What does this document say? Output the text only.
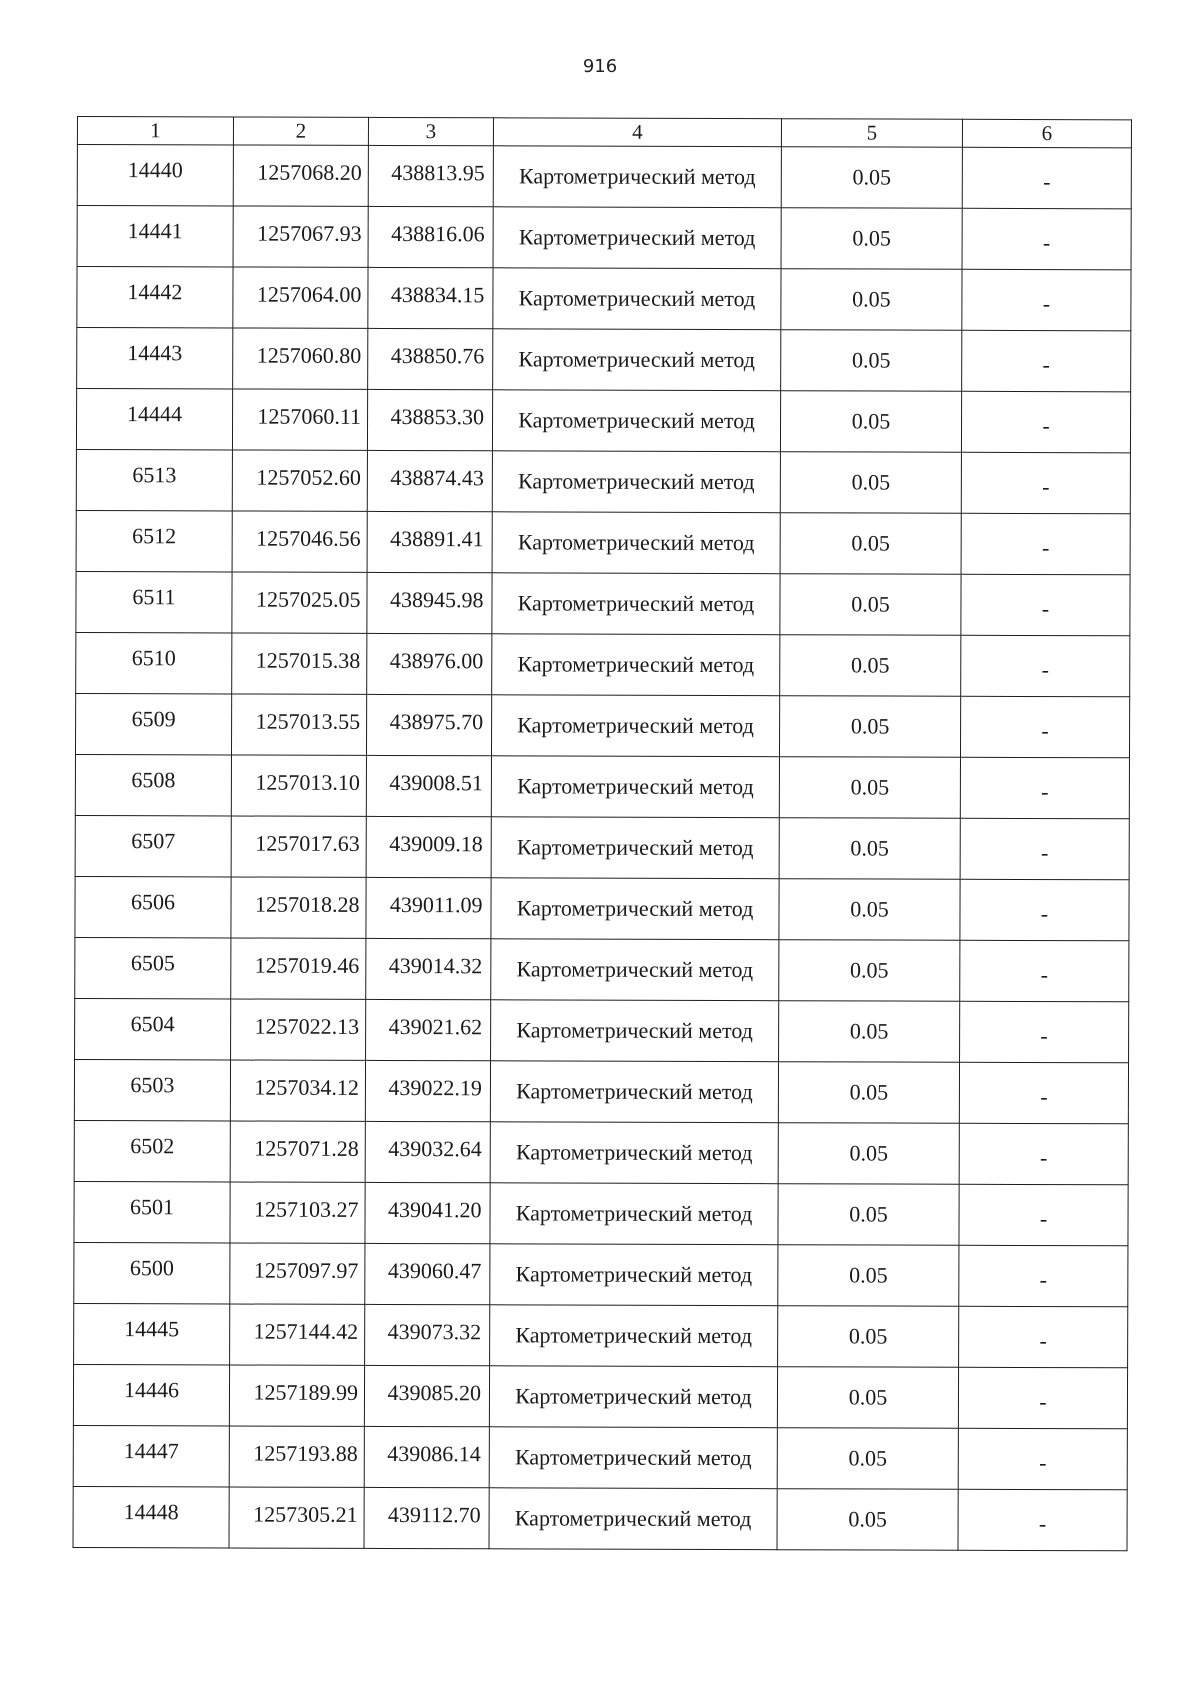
916
1	2	3	4	5	6
14440	1257068.20	438813.95	Картометрический метод	0.05	-
14441	1257067.93	438816.06	Картометрический метод	0.05	-
14442	1257064.00	438834.15	Картометрический метод	0.05	-
14443	1257060.80	438850.76	Картометрический метод	0.05	-
14444	1257060.11	438853.30	Картометрический метод	0.05	-
6513	1257052.60	438874.43	Картометрический метод	0.05	-
6512	1257046.56	438891.41	Картометрический метод	0.05	-
6511	1257025.05	438945.98	Картометрический метод	0.05	-
6510	1257015.38	438976.00	Картометрический метод	0.05	-
6509	1257013.55	438975.70	Картометрический метод	0.05	-
6508	1257013.10	439008.51	Картометрический метод	0.05	-
6507	1257017.63	439009.18	Картометрический метод	0.05	-
6506	1257018.28	439011.09	Картометрический метод	0.05	-
6505	1257019.46	439014.32	Картометрический метод	0.05	-
6504	1257022.13	439021.62	Картометрический метод	0.05	-
6503	1257034.12	439022.19	Картометрический метод	0.05	-
6502	1257071.28	439032.64	Картометрический метод	0.05	-
6501	1257103.27	439041.20	Картометрический метод	0.05	-
6500	1257097.97	439060.47	Картометрический метод	0.05	-
14445	1257144.42	439073.32	Картометрический метод	0.05	-
14446	1257189.99	439085.20	Картометрический метод	0.05	-
14447	1257193.88	439086.14	Картометрический метод	0.05	-
14448	1257305.21	439112.70	Картометрический метод	0.05	-
